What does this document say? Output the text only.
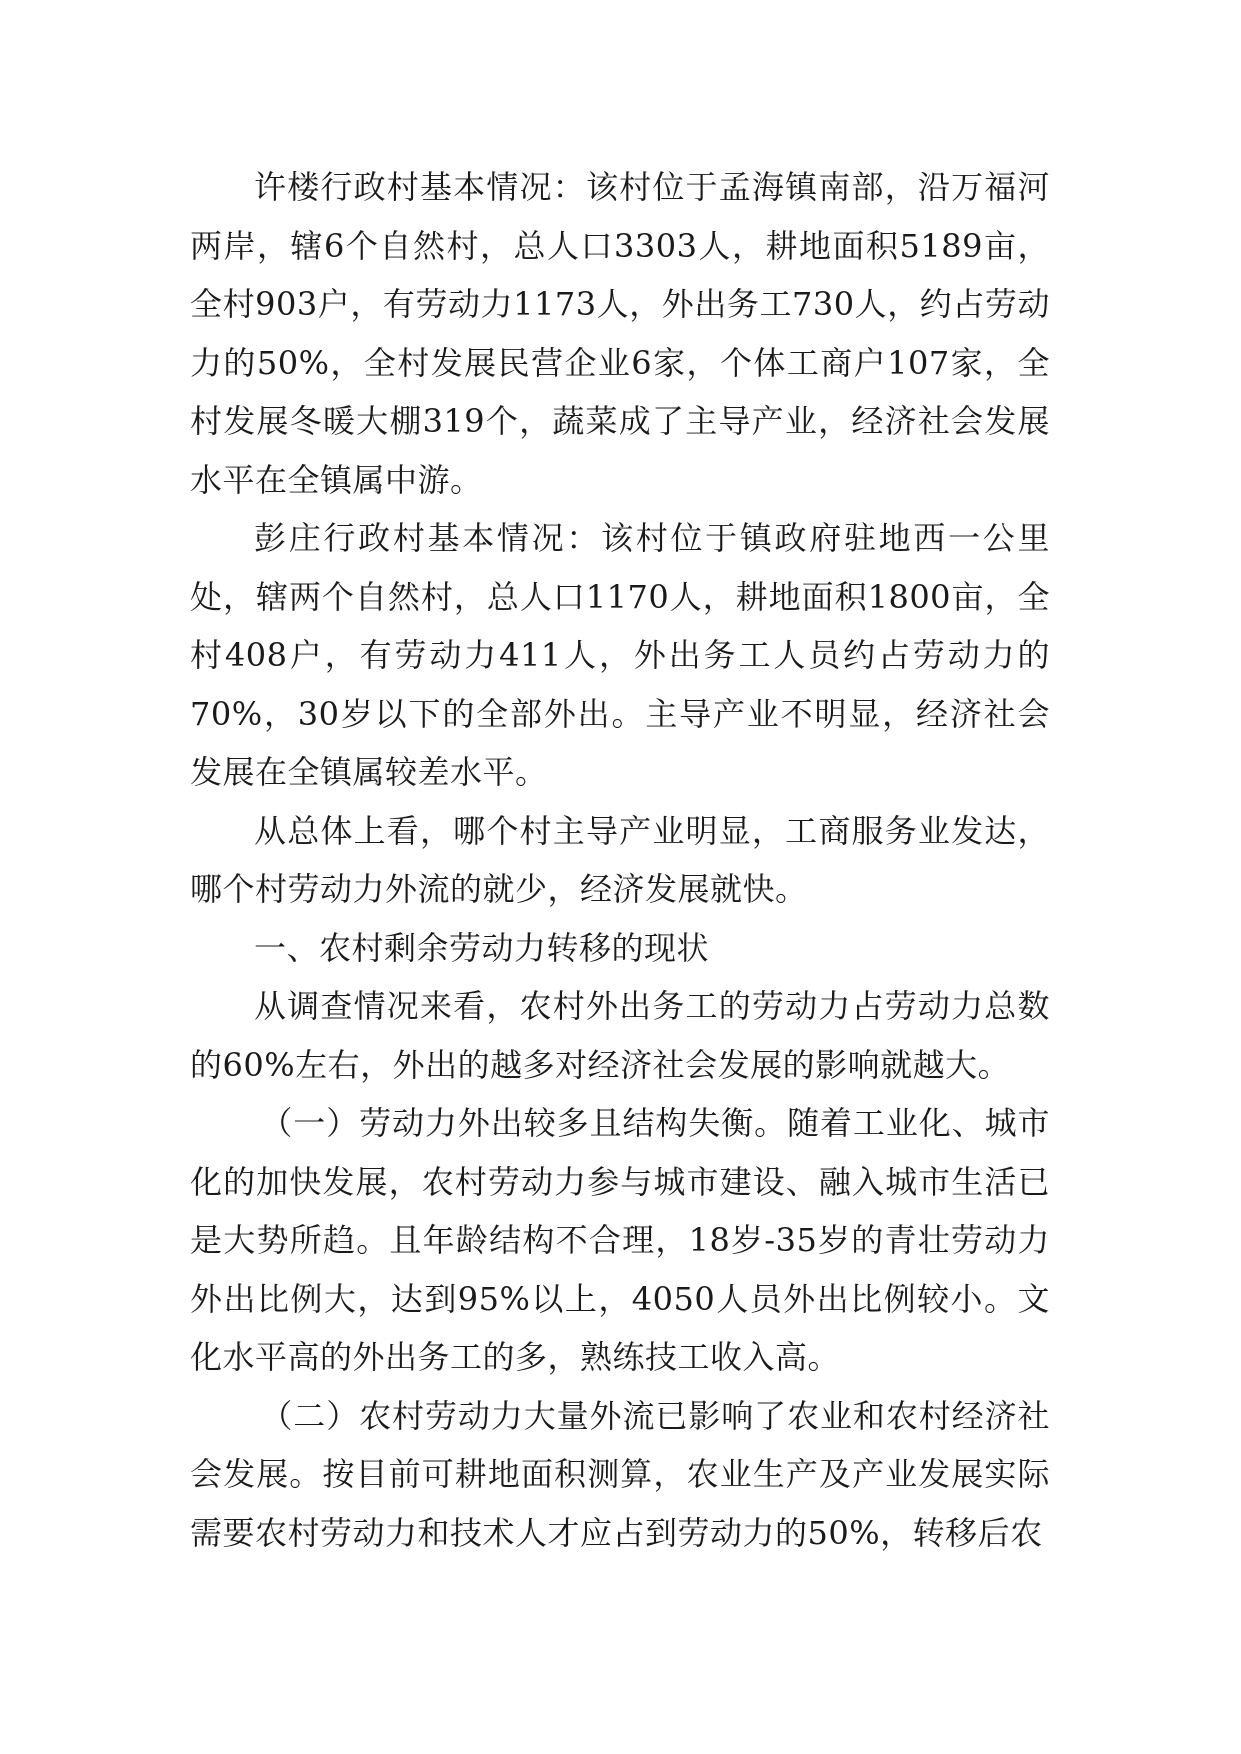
许楼行政村基本情况：该村位于孟海镇南部，沿万福河两岸，辖6个自然村，总人口3303人，耕地面积5189亩，全村903户，有劳动力1173人，外出务工730人，约占劳动力的50%，全村发展民营企业6家，个体工商户107家，全村发展冬暖大棚319个，蔬菜成了主导产业，经济社会发展水平在全镇属中游。

彭庄行政村基本情况：该村位于镇政府驻地西一公里处，辖两个自然村，总人口1170人，耕地面积1800亩，全村408户，有劳动力411人，外出务工人员约占劳动力的70%，30岁以下的全部外出。主导产业不明显，经济社会发展在全镇属较差水平。

从总体上看，哪个村主导产业明显，工商服务业发达，哪个村劳动力外流的就少，经济发展就快。

一、农村剩余劳动力转移的现状

从调查情况来看，农村外出务工的劳动力占劳动力总数的60%左右，外出的越多对经济社会发展的影响就越大。

（一）劳动力外出较多且结构失衡。随着工业化、城市化的加快发展，农村劳动力参与城市建设、融入城市生活已是大势所趋。且年龄结构不合理，18岁-35岁的青壮劳动力外出比例大，达到95%以上，4050人员外出比例较小。文化水平高的外出务工的多，熟练技工收入高。

（二）农村劳动力大量外流已影响了农业和农村经济社会发展。按目前可耕地面积测算，农业生产及产业发展实际需要农村劳动力和技术人才应占到劳动力的50%，转移后农
